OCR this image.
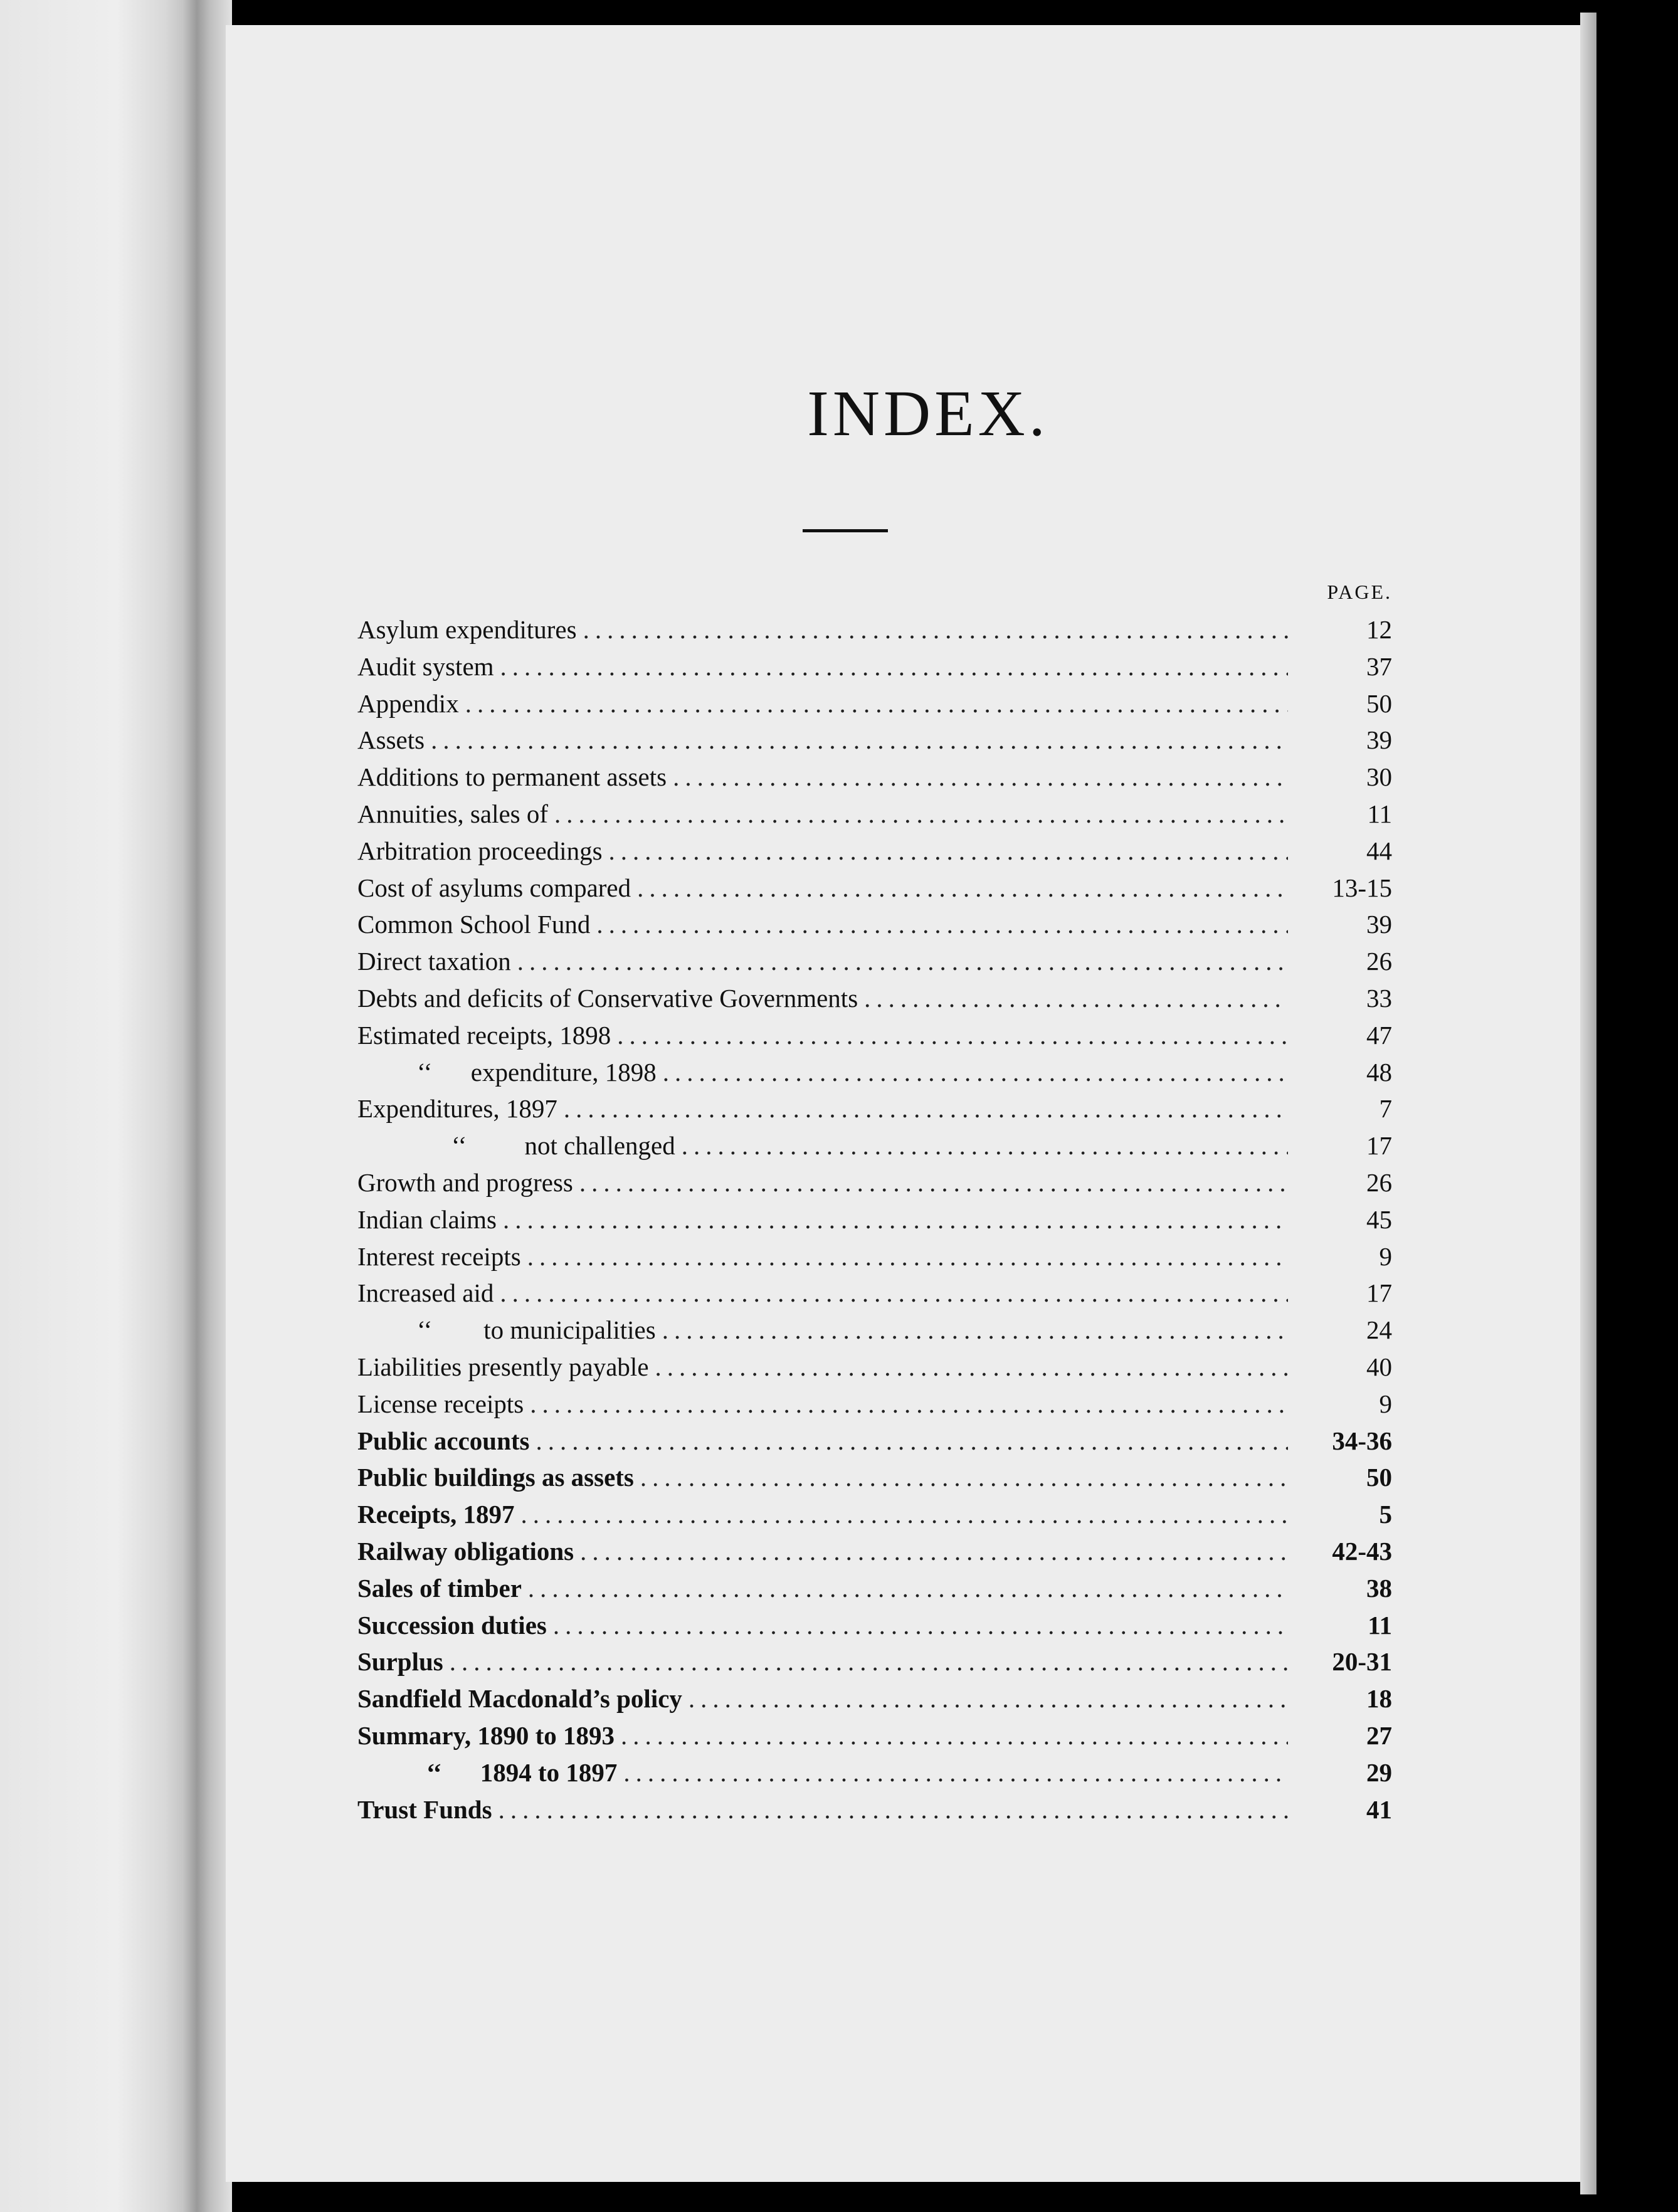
INDEX.
PAGE.
Asylum expenditures .....	12
Audit system .....	37
Appendix .....	50
Assets .....	39
Additions to permanent assets .....	30
Annuities, sales of .....	11
Arbitration proceedings .....	44
Cost of asylums compared .....	13-15
Common School Fund .....	39
Direct taxation .....	26
Debts and deficits of Conservative Governments .....	33
Estimated receipts, 1898 .....	47
‘‘      expenditure, 1898 .....	48
Expenditures, 1897 .....	7
‘‘         not challenged .....	17
Growth and progress .....	26
Indian claims .....	45
Interest receipts .....	9
Increased aid .....	17
‘‘        to municipalities .....	24
Liabilities presently payable .....	40
License receipts .....	9
Public accounts .....	34-36
Public buildings as assets .....	50
Receipts, 1897 .....	5
Railway obligations .....	42-43
Sales of timber .....	38
Succession duties .....	11
Surplus .....	20-31
Sandfield Macdonald’s policy .....	18
Summary, 1890 to 1893 .....	27
‘‘      1894 to 1897 .....	29
Trust Funds .....	41
